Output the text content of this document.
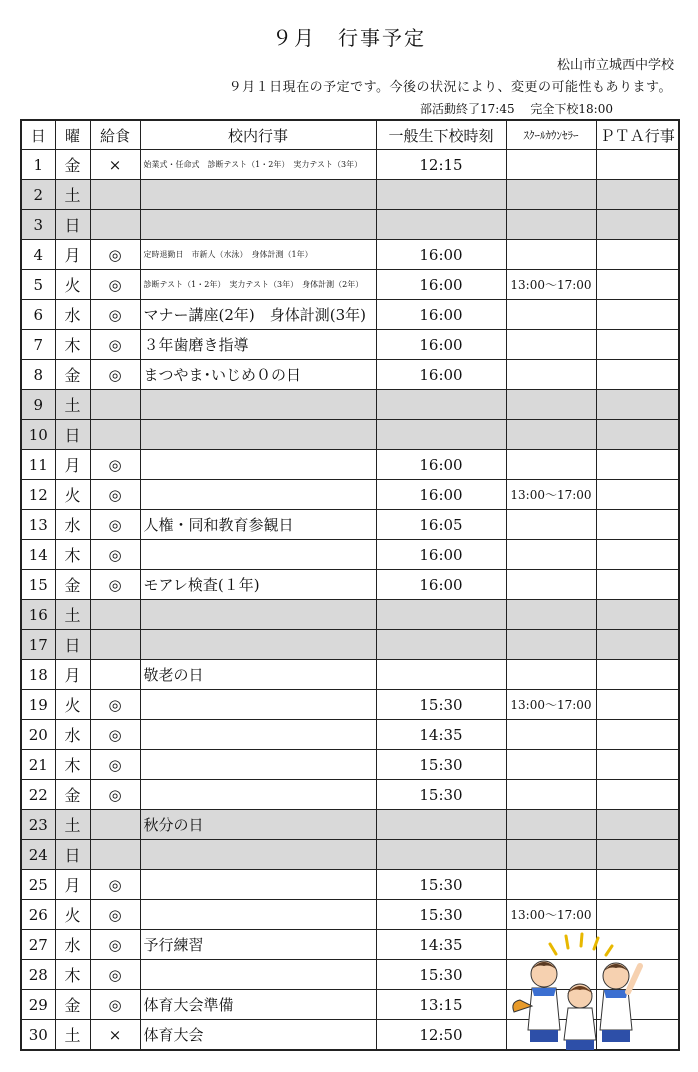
９月　行事予定
松山市立城西中学校
９月１日現在の予定です。今後の状況により、変更の可能性もあります。
部活動終了17:45　 完全下校18:00
日	曜	給食	校内行事	一般生下校時刻	ｽｸｰﾙｶｳﾝｾﾗｰ	ＰＴＡ行事
1	金	×	始業式・任命式　診断テスト（1・2年）　実力テスト（3年）	12:15		
2	土					
3	日					
4	月	◎	定時退勤日　市新人（水泳）　身体計測（1年）	16:00		
5	火	◎	診断テスト（1・2年）　実力テスト（3年）　身体計測（2年）	16:00	13:00～17:00	
6	水	◎	マナー講座(2年)　身体計測(3年)	16:00		
7	木	◎	３年歯磨き指導	16:00		
8	金	◎	まつやま･いじめ０の日	16:00		
9	土					
10	日					
11	月	◎		16:00		
12	火	◎		16:00	13:00～17:00	
13	水	◎	人権・同和教育参観日	16:05		
14	木	◎		16:00		
15	金	◎	モアレ検査(１年)	16:00		
16	土					
17	日					
18	月		敬老の日			
19	火	◎		15:30	13:00～17:00	
20	水	◎		14:35		
21	木	◎		15:30		
22	金	◎		15:30		
23	土		秋分の日			
24	日					
25	月	◎		15:30		
26	火	◎		15:30	13:00～17:00	
27	水	◎	予行練習	14:35		
28	木	◎		15:30		
29	金	◎	体育大会準備	13:15		
30	土	×	体育大会	12:50		
